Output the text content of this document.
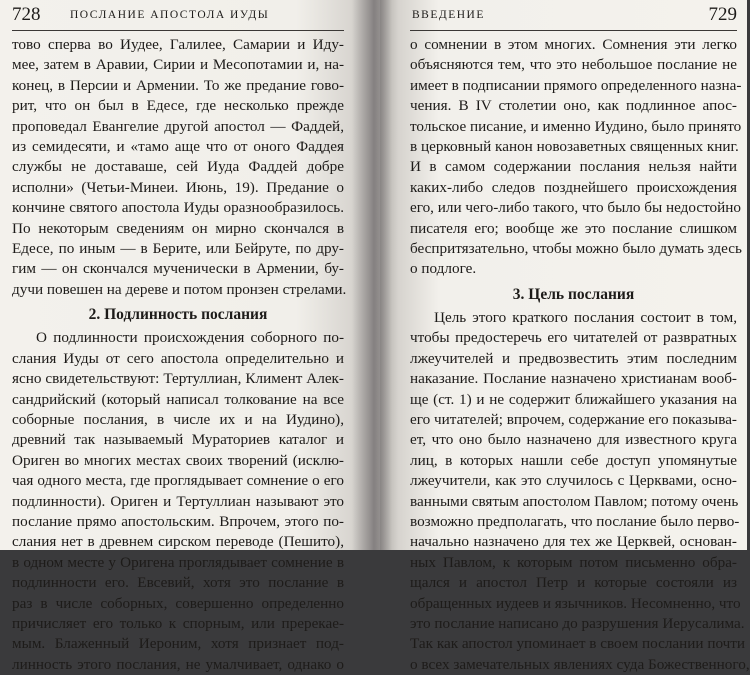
728	ПОСЛАНИЕ АПОСТОЛА ИУДЫ
тово сперва во Иудее, Галилее, Самарии и Иду-
мее, затем в Аравии, Сирии и Месопотамии и, на-
конец, в Персии и Армении. То же предание гово-
рит, что он был в Едесе, где несколько прежде
проповедал Евангелие другой апостол — Фаддей,
из семидесяти, и «тамо аще что от оного Фаддея
службы не доставаше, сей Иуда Фаддей добре
исполни» (Четьи-Минеи. Июнь, 19). Предание о
кончине святого апостола Иуды оразнообразилось.
По некоторым сведениям он мирно скончался в
Едесе, по иным — в Берите, или Бейруте, по дру-
гим — он скончался мученически в Армении, бу-
дучи повешен на дереве и потом пронзен стрелами.
2. Подлинность послания
О подлинности происхождения соборного по-
слания Иуды от сего апостола определительно и
ясно свидетельствуют: Тертуллиан, Климент Алек-
сандрийский (который написал толкование на все
соборные послания, в числе их и на Иудино),
древний так называемый Мураториев каталог и
Ориген во многих местах своих творений (исклю-
чая одного места, где проглядывает сомнение о его
подлинности). Ориген и Тертуллиан называют это
послание прямо апостольским. Впрочем, этого по-
слания нет в древнем сирском переводе (Пешито),
в одном месте у Оригена проглядывает сомнение в
подлинности его. Евсевий, хотя это послание в
раз в числе соборных, совершенно определенно
причисляет его только к спорным, или пререкае-
мым. Блаженный Иероним, хотя признает под-
линность этого послания, не умалчивает, однако о
ВВЕДЕНИЕ	729
о сомнении в этом многих. Сомнения эти легко
объясняются тем, что это небольшое послание не
имеет в подписании прямого определенного назна-
чения. В IV столетии оно, как подлинное апос-
тольское писание, и именно Иудино, было принято
в церковный канон новозаветных священных книг.
И в самом содержании послания нельзя найти
каких-либо следов позднейшего происхождения
его, или чего-либо такого, что было бы недостойно
писателя его; вообще же это послание слишком
беспритязательно, чтобы можно было думать здесь
о подлоге.
3. Цель послания
Цель этого краткого послания состоит в том,
чтобы предостеречь его читателей от развратных
лжеучителей и предвозвестить этим последним
наказание. Послание назначено христианам вооб-
ще (ст. 1) и не содержит ближайшего указания на
его читателей; впрочем, содержание его показыва-
ет, что оно было назначено для известного круга
лиц, в которых нашли себе доступ упомянутые
лжеучители, как это случилось с Церквами, осно-
ванными святым апостолом Павлом; потому очень
возможно предполагать, что послание было перво-
начально назначено для тех же Церквей, основан-
ных Павлом, к которым потом письменно обра-
щался и апостол Петр и которые состояли из
обращенных иудеев и язычников. Несомненно, что
это послание написано до разрушения Иерусалима.
Так как апостол упоминает в своем послании почти
о всех замечательных явлениях суда Божественного,
